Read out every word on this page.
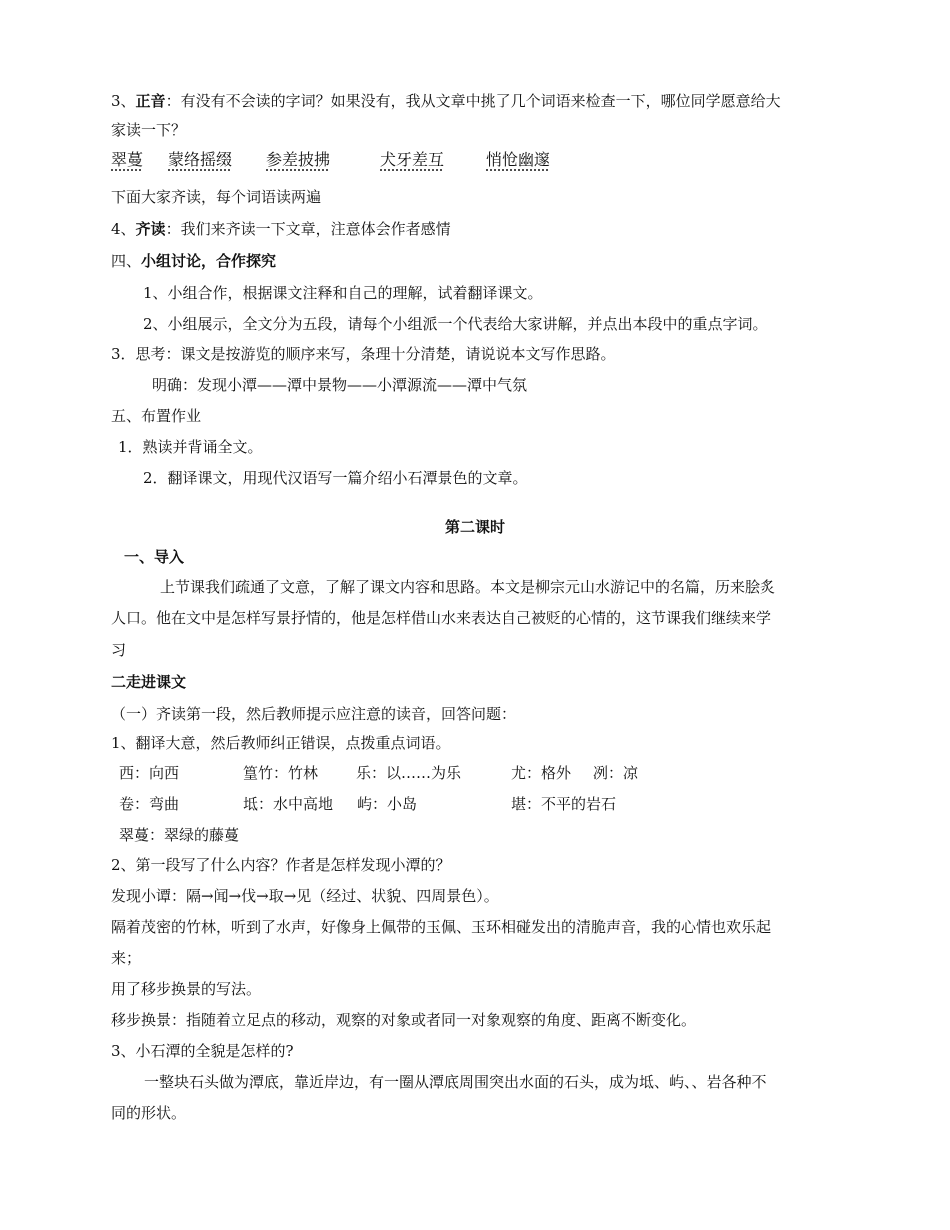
3、正音：有没有不会读的字词？如果没有，我从文章中挑了几个词语来检查一下，哪位同学愿意给大

家读一下？

翠蔓 蒙络摇缀 参差披拂	犬牙差互	悄怆幽邃

下面大家齐读，每个词语读两遍

4、齐读：我们来齐读一下文章，注意体会作者感情

四、小组讨论，合作探究

1、小组合作，根据课文注释和自己的理解，试着翻译课文。

2、小组展示，全文分为五段，请每个小组派一个代表给大家讲解，并点出本段中的重点字词。

3．思考：课文是按游览的顺序来写，条理十分清楚，请说说本文写作思路。

明确：发现小潭——潭中景物——小潭源流——潭中气氛

五、布置作业

1．熟读并背诵全文。

2．翻译课文，用现代汉语写一篇介绍小石潭景色的文章。

第二课时

一、导入

上节课我们疏通了文意，了解了课文内容和思路。本文是柳宗元山水游记中的名篇，历来脍炙

人口。他在文中是怎样写景抒情的，他是怎样借山水来表达自己被贬的心情的，这节课我们继续来学

习

二走进课文

（一）齐读第一段，然后教师提示应注意的读音，回答问题：

1、翻译大意，然后教师纠正错误，点拨重点词语。

西：向西	篁竹：竹林	乐：以……为乐	尤：格外 冽：凉
卷：弯曲	坻：水中高地 屿：小岛	堪：不平的岩石

翠蔓：翠绿的藤蔓

2、第一段写了什么内容？作者是怎样发现小潭的？

发现小谭：隔→闻→伐→取→见（经过、状貌、四周景色）。

隔着茂密的竹林，听到了水声，好像身上佩带的玉佩、玉环相碰发出的清脆声音，我的心情也欢乐起

来；

用了移步换景的写法。

移步换景：指随着立足点的移动，观察的对象或者同一对象观察的角度、距离不断变化。

3、小石潭的全貌是怎样的?

一整块石头做为潭底，靠近岸边，有一圈从潭底周围突出水面的石头，成为坻、屿、、岩各种不

同的形状。
